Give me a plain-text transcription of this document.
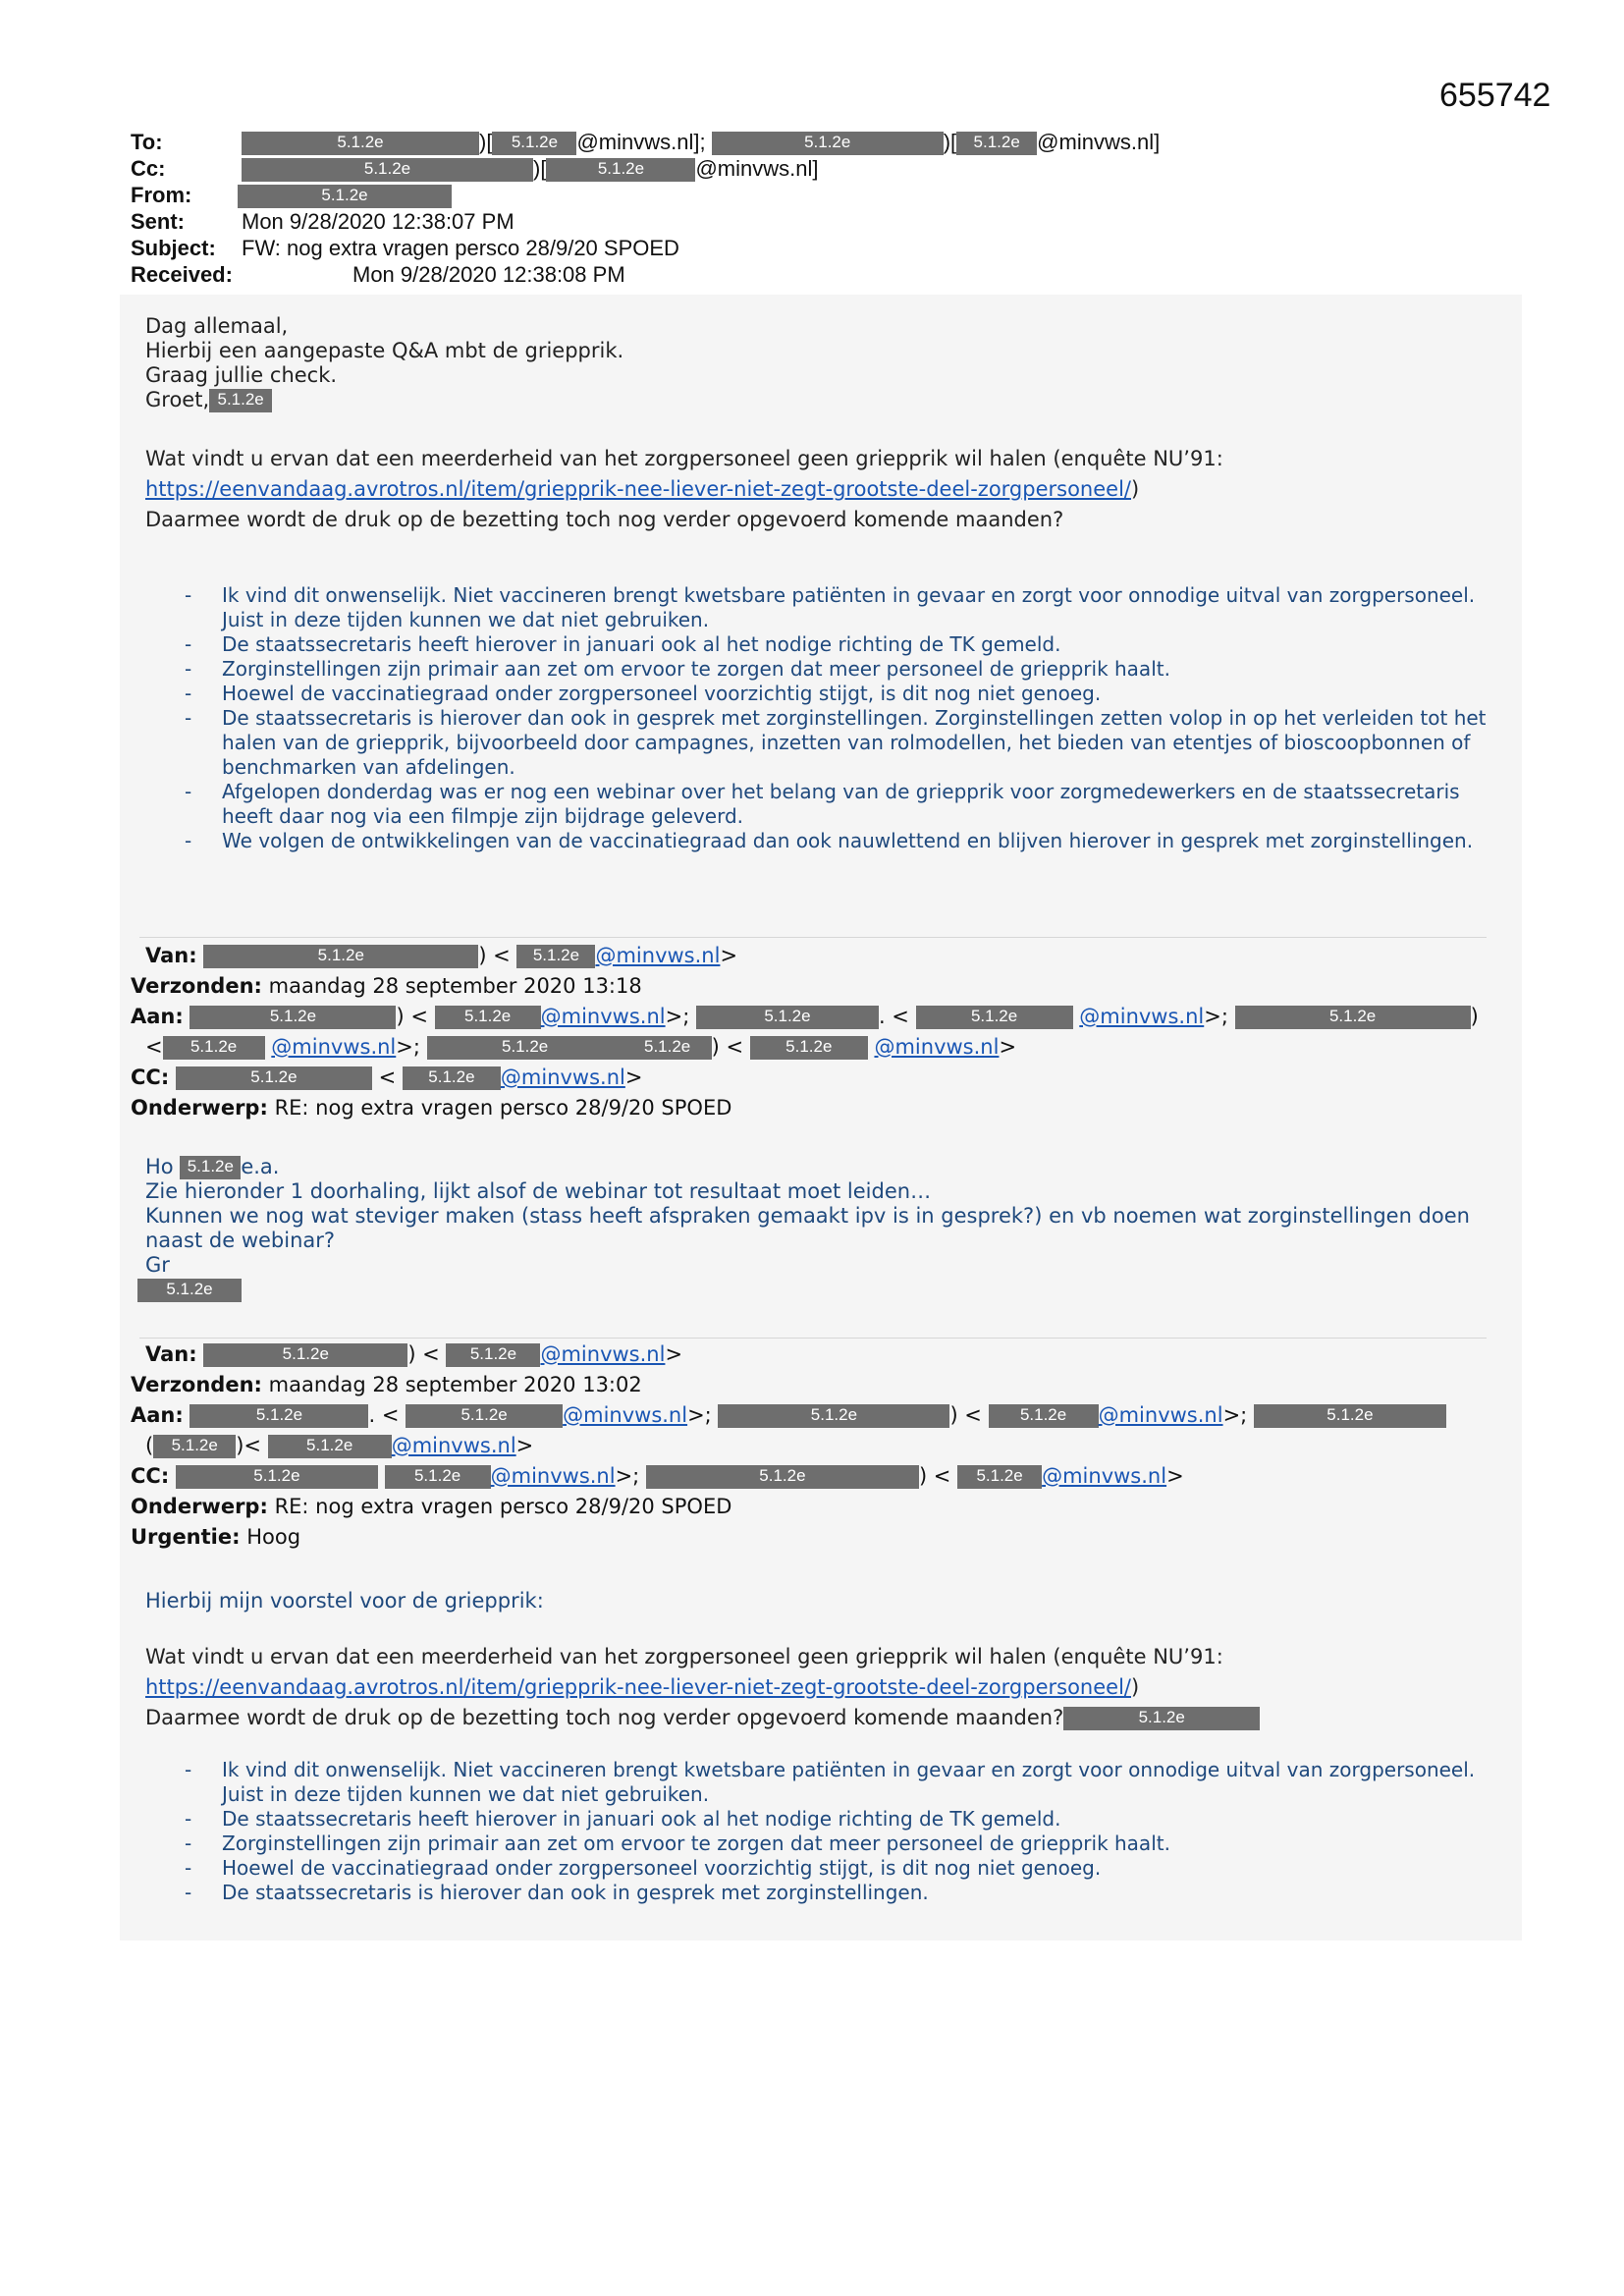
655742
To:	5.1.2e	)[ 5.1.2e @minvws.nl];	5.1.2e	)[ 5.1.2e @minvws.nl]
Cc:	5.1.2e	)[	5.1.2e @minvws.nl]
From:	5.1.2e
Sent:	Mon 9/28/2020 12:38:07 PM
Subject: FW: nog extra vragen persco 28/9/20 SPOED
Received:	Mon 9/28/2020 12:38:08 PM
Dag allemaal,
Hierbij een aangepaste Q&A mbt de griepprik.
Graag jullie check.
Groet, 5.1.2e
Wat vindt u ervan dat een meerderheid van het zorgpersoneel geen griepprik wil halen (enquête NU’91:
https://eenvandaag.avrotros.nl/item/griepprik-nee-liever-niet-zegt-grootste-deel-zorgpersoneel/)
Daarmee wordt de druk op de bezetting toch nog verder opgevoerd komende maanden?
- Ik vind dit onwenselijk. Niet vaccineren brengt kwetsbare patiënten in gevaar en zorgt voor onnodige uitval van zorgpersoneel. Juist in deze tijden kunnen we dat niet gebruiken.
- De staatssecretaris heeft hierover in januari ook al het nodige richting de TK gemeld.
- Zorginstellingen zijn primair aan zet om ervoor te zorgen dat meer personeel de griepprik haalt.
- Hoewel de vaccinatiegraad onder zorgpersoneel voorzichtig stijgt, is dit nog niet genoeg.
- De staatssecretaris is hierover dan ook in gesprek met zorginstellingen. Zorginstellingen zetten volop in op het verleiden tot het halen van de griepprik, bijvoorbeeld door campagnes, inzetten van rolmodellen, het bieden van etentjes of bioscoopbonnen of benchmarken van afdelingen.
- Afgelopen donderdag was er nog een webinar over het belang van de griepprik voor zorgmedewerkers en de staatssecretaris heeft daar nog via een filmpje zijn bijdrage geleverd.
- We volgen de ontwikkelingen van de vaccinatiegraad dan ook nauwlettend en blijven hierover in gesprek met zorginstellingen.
Van:	5.1.2e	) < 5.1.2e @minvws.nl>
Verzonden: maandag 28 september 2020 13:18
Aan:	5.1.2e	) < 5.1.2e @minvws.nl>;	5.1.2e	. <	5.1.2e	@minvws.nl>;	5.1.2e	)
< 5.1.2e @minvws.nl>;	5.1.2e	5.1.2e ) <	5.1.2e @minvws.nl>
CC:	5.1.2e	< 5.1.2e @minvws.nl>
Onderwerp: RE: nog extra vragen persco 28/9/20 SPOED
Ho 5.1.2e e.a.
Zie hieronder 1 doorhaling, lijkt alsof de webinar tot resultaat moet leiden…
Kunnen we nog wat steviger maken (stass heeft afspraken gemaakt ipv is in gesprek?) en vb noemen wat zorginstellingen doen naast de webinar?
Gr
5.1.2e
Van:	5.1.2e	) < 5.1.2e @minvws.nl>
Verzonden: maandag 28 september 2020 13:02
Aan:	5.1.2e	. <	5.1.2e	@minvws.nl>;	5.1.2e	) < 5.1.2e @minvws.nl>;	5.1.2e
( 5.1.2e )<	5.1.2e @minvws.nl>
CC:	5.1.2e	5.1.2e @minvws.nl>;	5.1.2e	) < 5.1.2e @minvws.nl>
Onderwerp: RE: nog extra vragen persco 28/9/20 SPOED
Urgentie: Hoog
Hierbij mijn voorstel voor de griepprik:
Wat vindt u ervan dat een meerderheid van het zorgpersoneel geen griepprik wil halen (enquête NU’91:
https://eenvandaag.avrotros.nl/item/griepprik-nee-liever-niet-zegt-grootste-deel-zorgpersoneel/)
Daarmee wordt de druk op de bezetting toch nog verder opgevoerd komende maanden?	5.1.2e
- Ik vind dit onwenselijk. Niet vaccineren brengt kwetsbare patiënten in gevaar en zorgt voor onnodige uitval van zorgpersoneel. Juist in deze tijden kunnen we dat niet gebruiken.
- De staatssecretaris heeft hierover in januari ook al het nodige richting de TK gemeld.
- Zorginstellingen zijn primair aan zet om ervoor te zorgen dat meer personeel de griepprik haalt.
- Hoewel de vaccinatiegraad onder zorgpersoneel voorzichtig stijgt, is dit nog niet genoeg.
- De staatssecretaris is hierover dan ook in gesprek met zorginstellingen.
